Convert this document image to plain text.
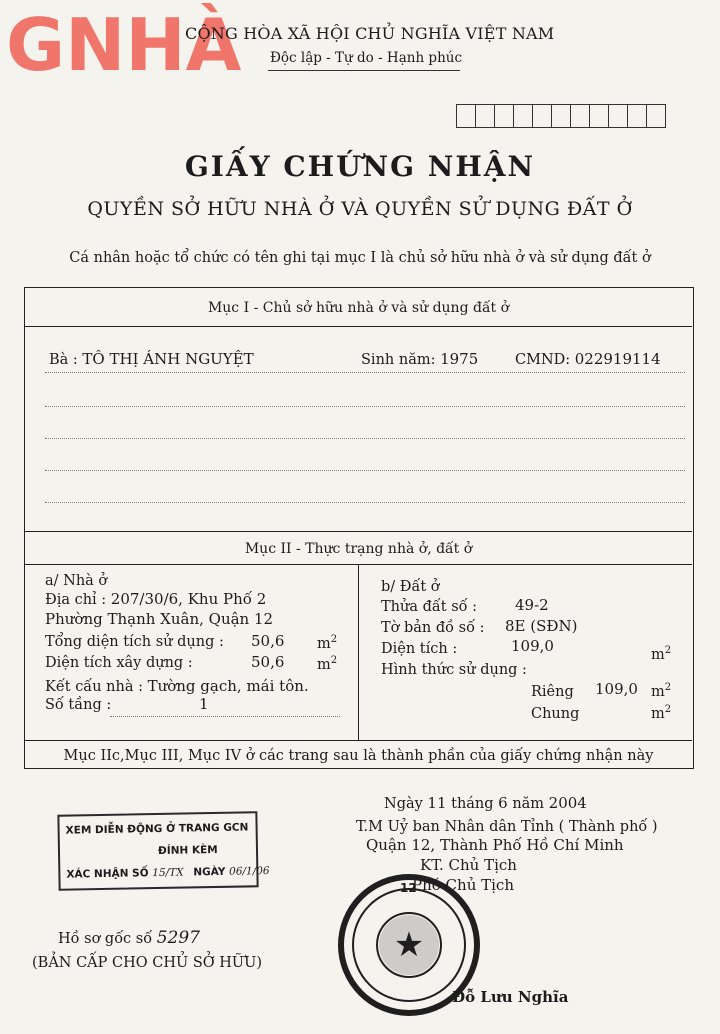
GNHÀ
CỘNG HÒA XÃ HỘI CHỦ NGHĨA VIỆT NAM
Độc lập - Tự do - Hạnh phúc
GIẤY CHỨNG NHẬN
QUYỀN SỞ HỮU NHÀ Ở VÀ QUYỀN SỬ DỤNG ĐẤT Ở
Cá nhân hoặc tổ chức có tên ghi tại mục I là chủ sở hữu nhà ở và sử dụng đất ở
Mục I - Chủ sở hữu nhà ở và sử dụng đất ở
Bà : TÔ THỊ ÁNH NGUYỆT	Sinh năm: 1975	CMND: 022919114
Mục II - Thực trạng nhà ở, đất ở
a/ Nhà ở
Địa chỉ : 207/30/6, Khu Phố 2
Phường Thạnh Xuân, Quận 12
Tổng diện tích sử dụng : 50,6 $m^2$
Diện tích xây dựng :	50,6 $m^2$
Kết cấu nhà : Tường gạch, mái tôn.
Số tầng :	1
b/ Đất ở
Thửa đất số :	49-2
Tờ bản đồ số : 8E (SĐN)
Diện tích :	109,0	$m^2$
Hình thức sử dụng :
Riêng 109,0 $m^2$
Chung	$m^2$
Mục IIc,Mục III, Mục IV ở các trang sau là thành phần của giấy chứng nhận này
Ngày 11 tháng 6 năm 2004
T.M Uỷ ban Nhân dân Tỉnh ( Thành phố )
Quận 12, Thành Phố Hồ Chí Minh
KT. Chủ Tịch
Phó Chủ Tịch
XEM DIỄN ĐỘNG Ở TRANG GCN
ĐÍNH KÈM
XÁC NHẬN SỐ 15/TX NGÀY 06/1/06
Hồ sơ gốc số 5297
(BẢN CẤP CHO CHỦ SỞ HỮU)	★
12
Đỗ Lưu Nghĩa
